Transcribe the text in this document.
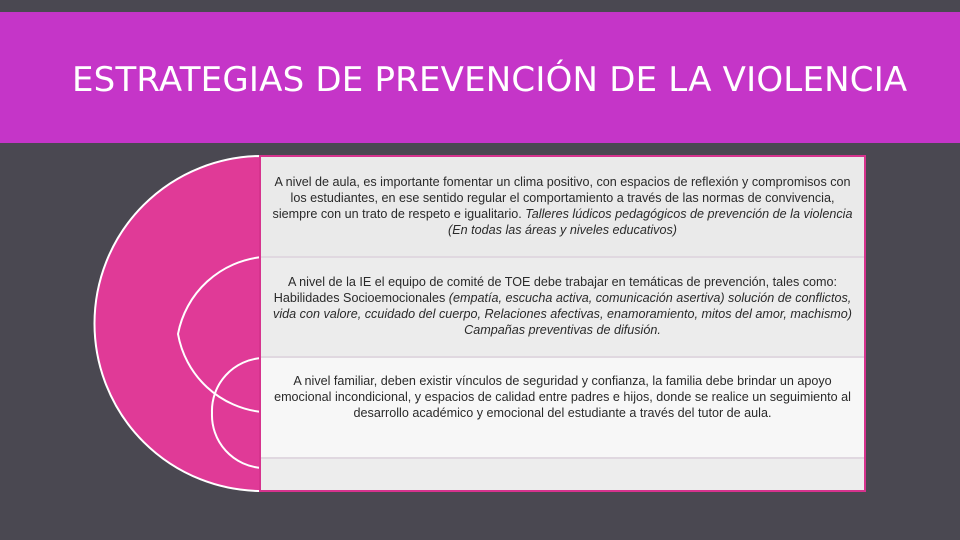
ESTRATEGIAS DE PREVENCIÓN DE LA VIOLENCIA
A nivel de aula, es importante fomentar un clima positivo, con espacios de reflexión y compromisos con los estudiantes, en ese sentido regular el comportamiento a través de las normas de convivencia, siempre con un trato de respeto e igualitario. Talleres lúdicos pedagógicos de prevención de la violencia (En todas las áreas y niveles educativos)
A nivel de la IE el equipo de comité de TOE debe trabajar en temáticas de prevención, tales como: Habilidades Socioemocionales (empatía, escucha activa, comunicación asertiva) solución de conflictos, vida con valore, ccuidado del cuerpo, Relaciones afectivas, enamoramiento, mitos del amor, machismo) Campañas preventivas de difusión.
A nivel familiar, deben existir vínculos de seguridad y confianza, la familia debe brindar un apoyo emocional incondicional, y espacios de calidad entre padres e hijos, donde se realice un seguimiento al desarrollo académico y emocional del estudiante a través del tutor de aula.
